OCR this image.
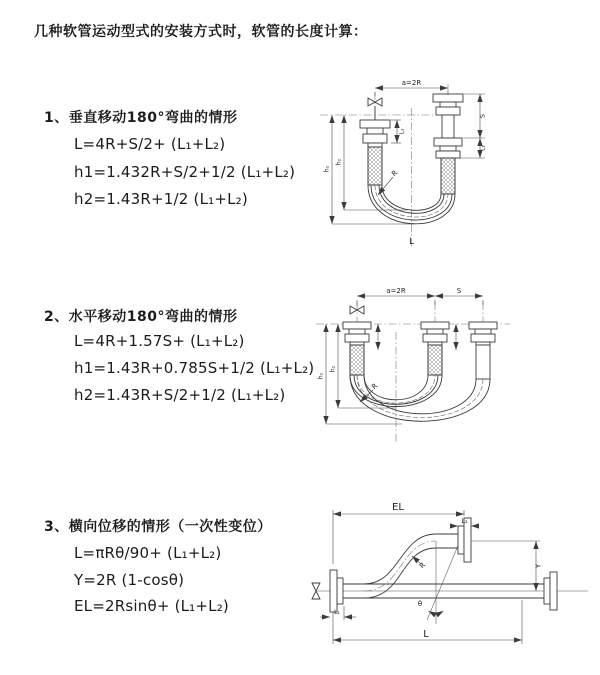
几种软管运动型式的安装方式时，软管的长度计算：
1、垂直移动180°弯曲的情形
L=4R+S/2+ (L₁+L₂)
h1=1.432R+S/2+1/2 (L₁+L₂)
h2=1.43R+1/2 (L₁+L₂)
2、水平移动180°弯曲的情形
L=4R+1.57S+ (L₁+L₂)
h1=1.43R+0.785S+1/2 (L₁+L₂)
h2=1.43R+S/2+1/2 (L₁+L₂)
3、横向位移的情形（一次性变位）
L=πRθ/90+ (L₁+L₂)
Y=2R (1-cosθ)
EL=2Rsinθ+ (L₁+L₂)
a=2R
L₁
S
L₁
h₁
h₂
R
L
a=2R	S
h₁
h₂
R
θ
EL
L₂
Y
L₁
L
R
